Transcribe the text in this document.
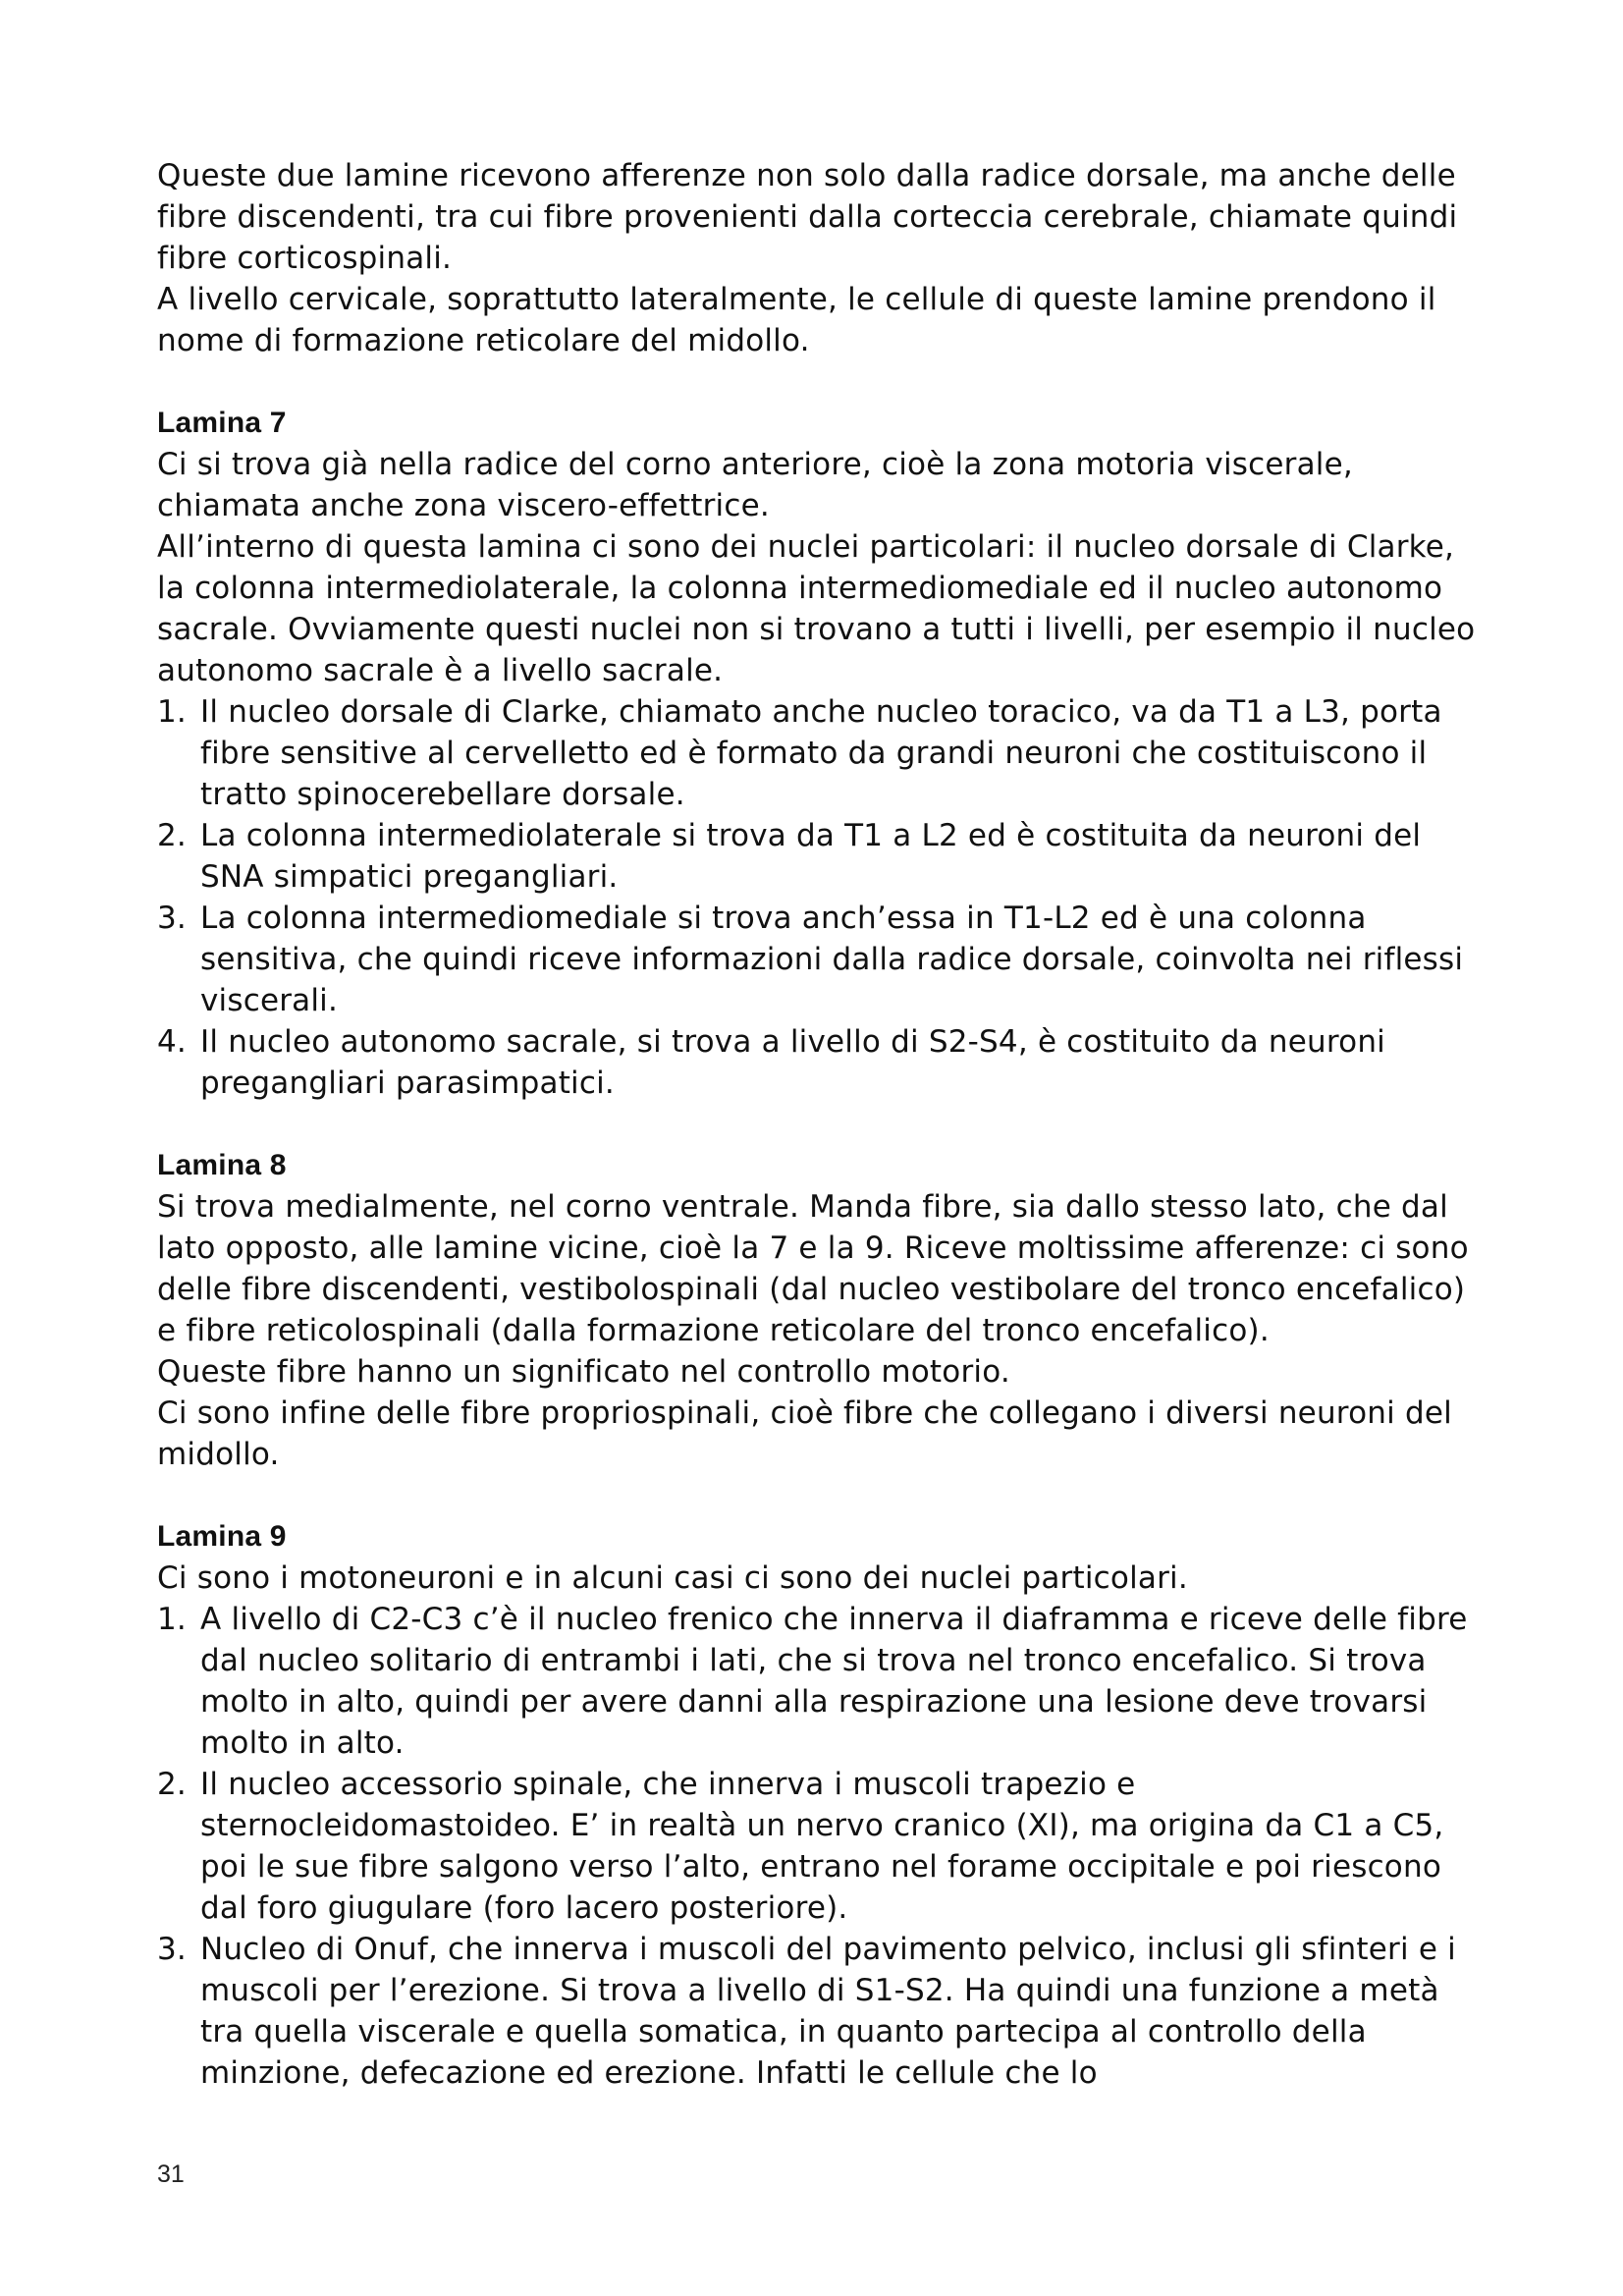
Queste due lamine ricevono afferenze non solo dalla radice dorsale, ma anche delle fibre discendenti, tra cui fibre provenienti dalla corteccia cerebrale, chiamate quindi fibre corticospinali.

A livello cervicale, soprattutto lateralmente, le cellule di queste lamine prendono il nome di formazione reticolare del midollo.

Lamina 7

Ci si trova già nella radice del corno anteriore, cioè la zona motoria viscerale, chiamata anche zona viscero-effettrice.

All’interno di questa lamina ci sono dei nuclei particolari: il nucleo dorsale di Clarke, la colonna intermediolaterale, la colonna intermediomediale ed il nucleo autonomo sacrale. Ovviamente questi nuclei non si trovano a tutti i livelli, per esempio il nucleo autonomo sacrale è a livello sacrale.

1. Il nucleo dorsale di Clarke, chiamato anche nucleo toracico, va da T1 a L3, porta fibre sensitive al cervelletto ed è formato da grandi neuroni che costituiscono il tratto spinocerebellare dorsale.
2. La colonna intermediolaterale si trova da T1 a L2 ed è costituita da neuroni del SNA simpatici pregangliari.
3. La colonna intermediomediale si trova anch’essa in T1-L2 ed è una colonna sensitiva, che quindi riceve informazioni dalla radice dorsale, coinvolta nei riflessi viscerali.
4. Il nucleo autonomo sacrale, si trova a livello di S2-S4, è costituito da neuroni pregangliari parasimpatici.
Lamina 8

Si trova medialmente, nel corno ventrale. Manda fibre, sia dallo stesso lato, che dal lato opposto, alle lamine vicine, cioè la 7 e la 9. Riceve moltissime afferenze: ci sono delle fibre discendenti, vestibolospinali (dal nucleo vestibolare del tronco encefalico) e fibre reticolospinali (dalla formazione reticolare del tronco encefalico).

Queste fibre hanno un significato nel controllo motorio.

Ci sono infine delle fibre propriospinali, cioè fibre che collegano i diversi neuroni del midollo.

Lamina 9

Ci sono i motoneuroni e in alcuni casi ci sono dei nuclei particolari.

1. A livello di C2-C3 c’è il nucleo frenico che innerva il diaframma e riceve delle fibre dal nucleo solitario di entrambi i lati, che si trova nel tronco encefalico. Si trova molto in alto, quindi per avere danni alla respirazione una lesione deve trovarsi molto in alto.
2. Il nucleo accessorio spinale, che innerva i muscoli trapezio e sternocleidomastoideo. E’ in realtà un nervo cranico (XI), ma origina da C1 a C5, poi le sue fibre salgono verso l’alto, entrano nel forame occipitale e poi riescono dal foro giugulare (foro lacero posteriore).
3. Nucleo di Onuf, che innerva i muscoli del pavimento pelvico, inclusi gli sfinteri e i muscoli per l’erezione. Si trova a livello di S1-S2. Ha quindi una funzione a metà tra quella viscerale e quella somatica, in quanto partecipa al controllo della minzione, defecazione ed erezione. Infatti le cellule che lo
31
